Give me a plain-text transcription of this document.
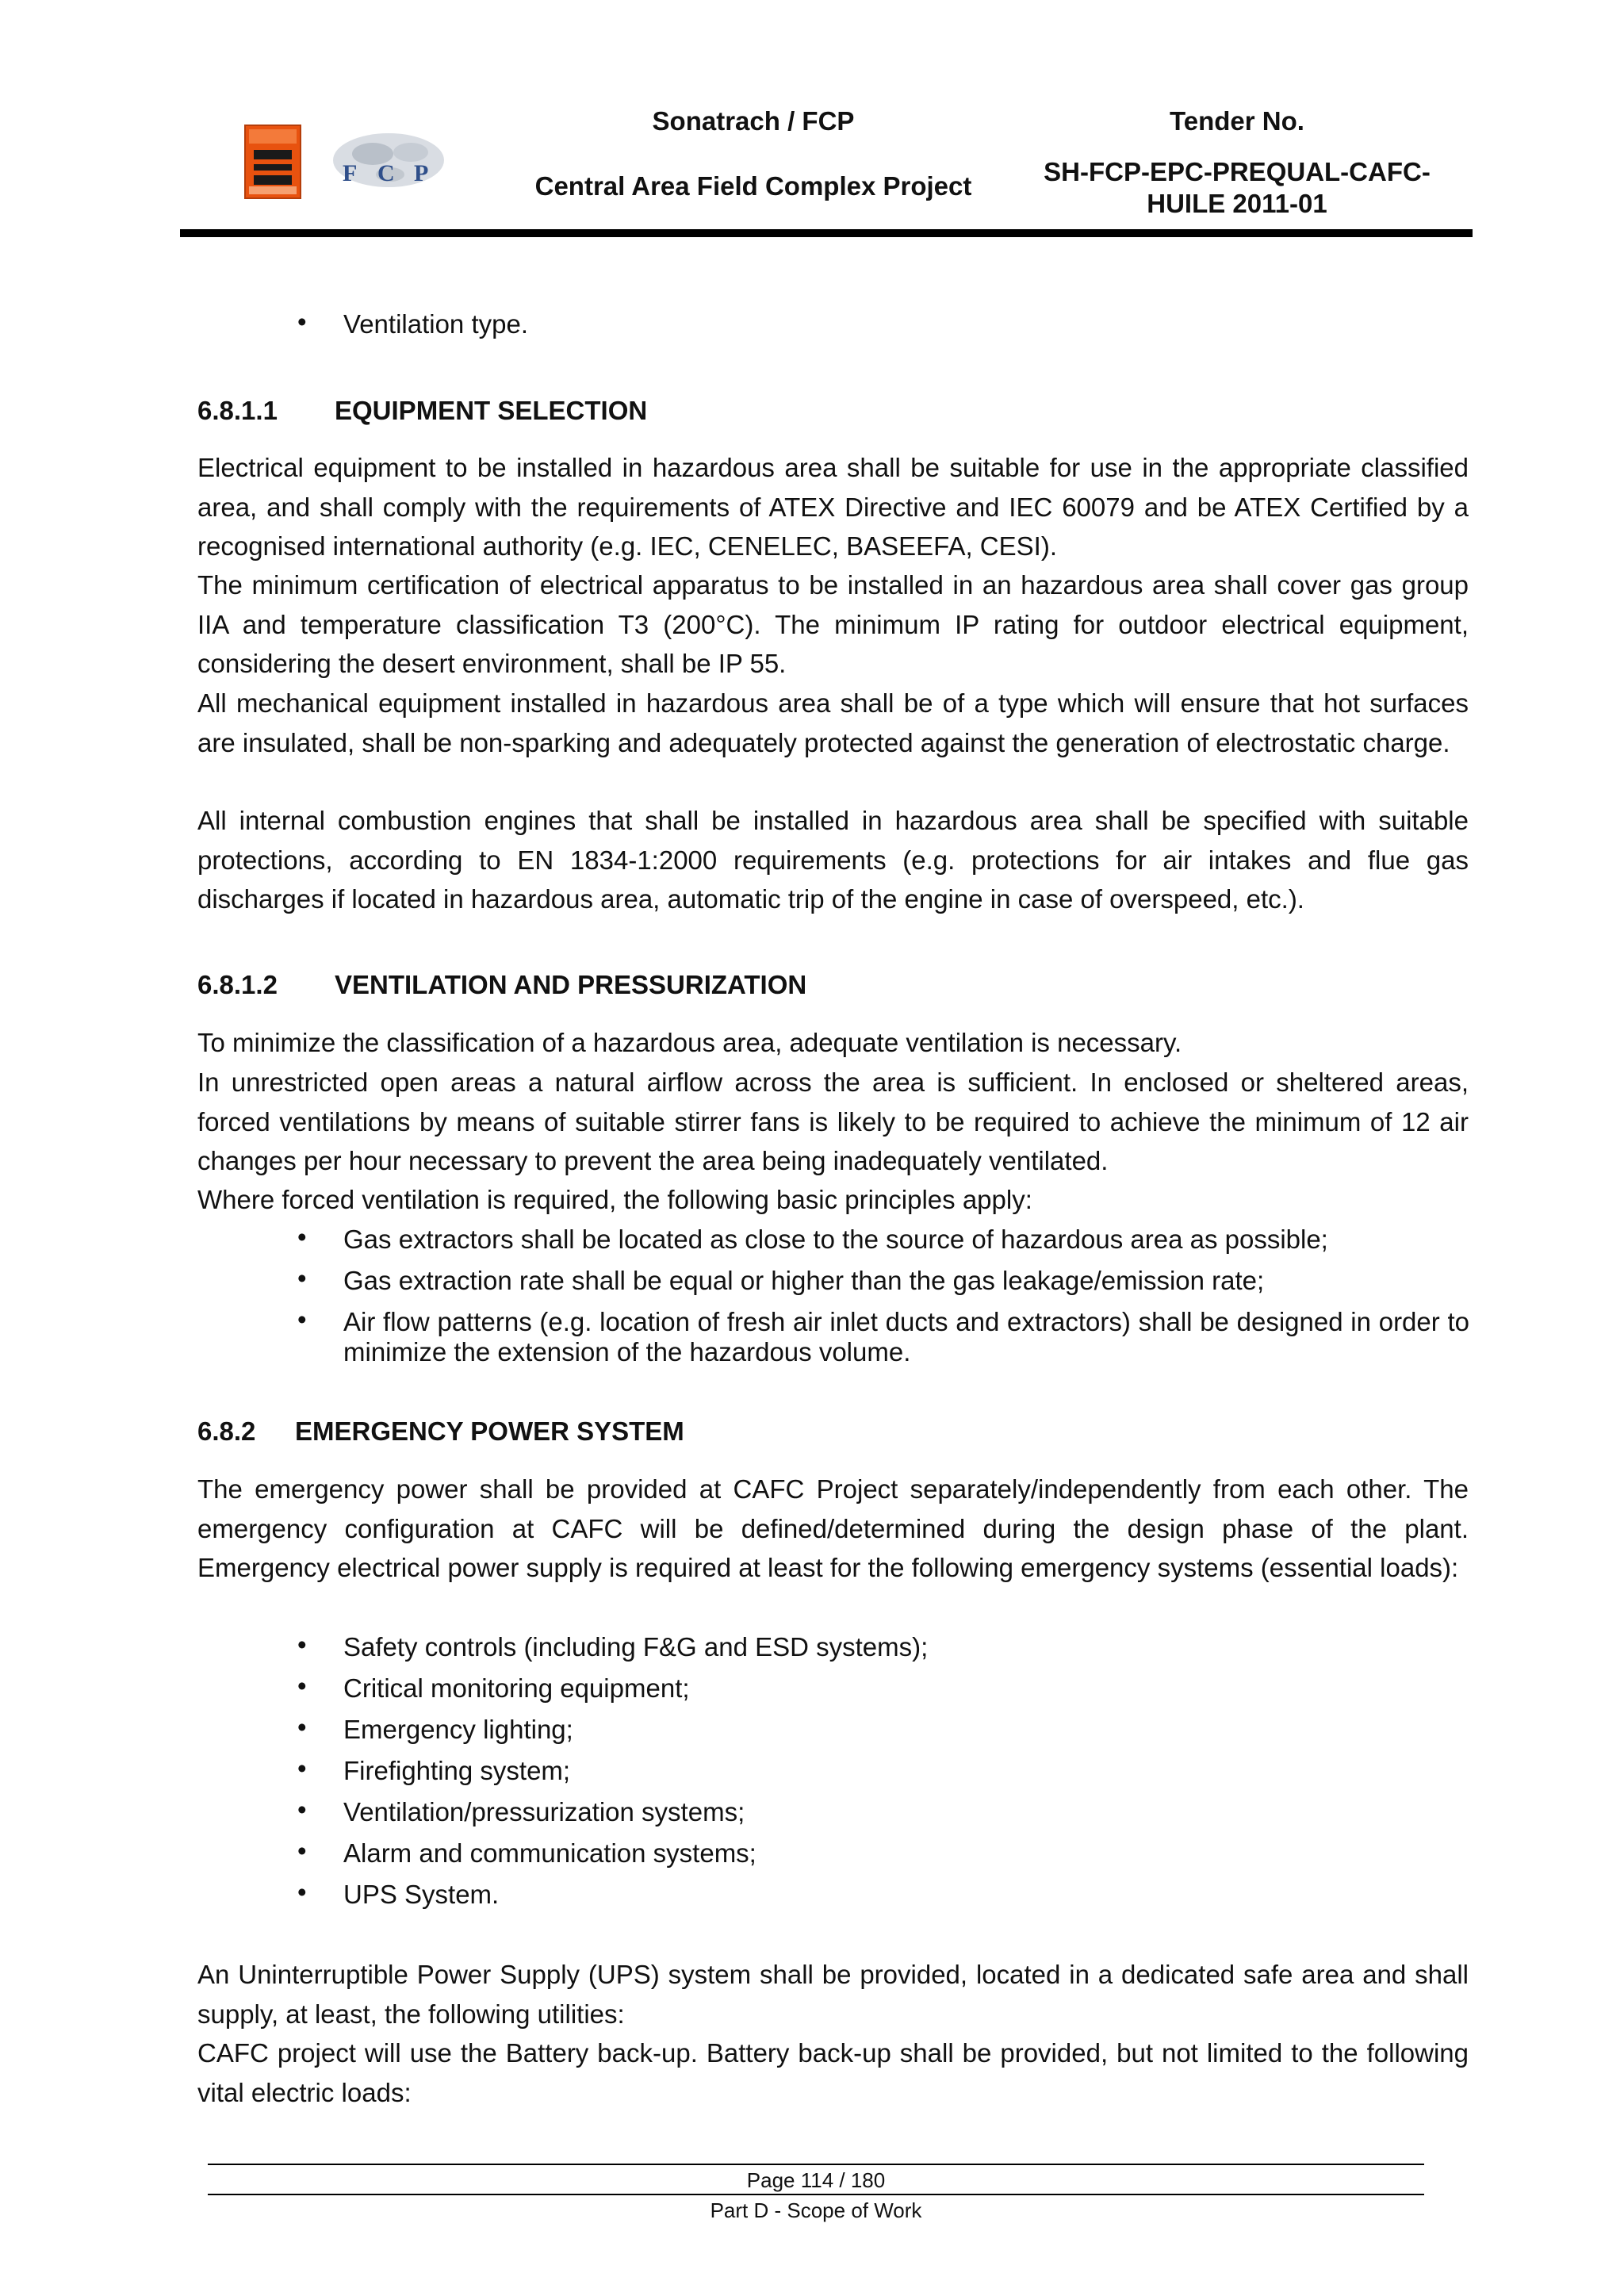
F C P
Sonatrach / FCP
Central Area Field Complex Project
Tender No.
SH-FCP-EPC-PREQUAL-CAFC-HUILE 2011-01
• Ventilation type.
6.8.1.1 EQUIPMENT SELECTION
Electrical equipment to be installed in hazardous area shall be suitable for use in the appropriate classified area, and shall comply with the requirements of ATEX Directive and IEC 60079 and be ATEX Certified by a recognised international authority (e.g. IEC, CENELEC, BASEEFA, CESI).
The minimum certification of electrical apparatus to be installed in an hazardous area shall cover gas group IIA and temperature classification T3 (200°C). The minimum IP rating for outdoor electrical equipment, considering the desert environment, shall be IP 55.
All mechanical equipment installed in hazardous area shall be of a type which will ensure that hot surfaces are insulated, shall be non-sparking and adequately protected against the generation of electrostatic charge.
All internal combustion engines that shall be installed in hazardous area shall be specified with suitable protections, according to EN 1834-1:2000 requirements (e.g. protections for air intakes and flue gas discharges if located in hazardous area, automatic trip of the engine in case of overspeed, etc.).
6.8.1.2 VENTILATION AND PRESSURIZATION
To minimize the classification of a hazardous area, adequate ventilation is necessary.
In unrestricted open areas a natural airflow across the area is sufficient. In enclosed or sheltered areas, forced ventilations by means of suitable stirrer fans is likely to be required to achieve the minimum of 12 air changes per hour necessary to prevent the area being inadequately ventilated.
Where forced ventilation is required, the following basic principles apply:
• Gas extractors shall be located as close to the source of hazardous area as possible;
• Gas extraction rate shall be equal or higher than the gas leakage/emission rate;
• Air flow patterns (e.g. location of fresh air inlet ducts and extractors) shall be designed in order to minimize the extension of the hazardous volume.
6.8.2 EMERGENCY POWER SYSTEM
The emergency power shall be provided at CAFC Project separately/independently from each other. The emergency configuration at CAFC will be defined/determined during the design phase of the plant. Emergency electrical power supply is required at least for the following emergency systems (essential loads):
• Safety controls (including F&G and ESD systems);
• Critical monitoring equipment;
• Emergency lighting;
• Firefighting system;
• Ventilation/pressurization systems;
• Alarm and communication systems;
• UPS System.
An Uninterruptible Power Supply (UPS) system shall be provided, located in a dedicated safe area and shall supply, at least, the following utilities:
CAFC project will use the Battery back-up. Battery back-up shall be provided, but not limited to the following vital electric loads:
Page 114 / 180
Part D - Scope of Work
